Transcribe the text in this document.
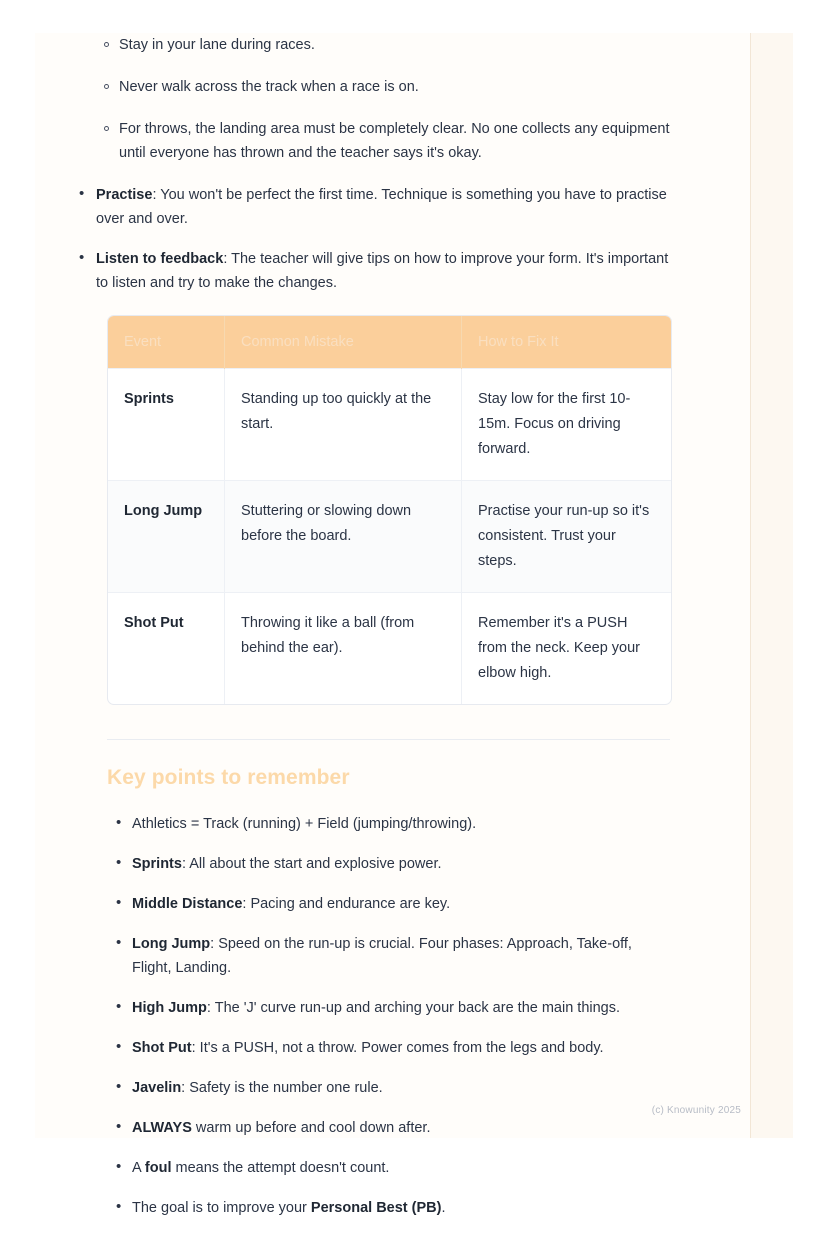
Stay in your lane during races.
Never walk across the track when a race is on.
For throws, the landing area must be completely clear. No one collects any equipment until everyone has thrown and the teacher says it's okay.
• Practise: You won't be perfect the first time. Technique is something you have to practise over and over.
• Listen to feedback: The teacher will give tips on how to improve your form. It's important to listen and try to make the changes.
Event	Common Mistake	How to Fix It
Sprints	Standing up too quickly at the start.	Stay low for the first 10-15m. Focus on driving forward.
Long Jump	Stuttering or slowing down before the board.	Practise your run-up so it's consistent. Trust your steps.
Shot Put	Throwing it like a ball (from behind the ear).	Remember it's a PUSH from the neck. Keep your elbow high.
Key points to remember
• Athletics = Track (running) + Field (jumping/throwing).
• Sprints: All about the start and explosive power.
• Middle Distance: Pacing and endurance are key.
• Long Jump: Speed on the run-up is crucial. Four phases: Approach, Take-off, Flight, Landing.
• High Jump: The 'J' curve run-up and arching your back are the main things.
• Shot Put: It's a PUSH, not a throw. Power comes from the legs and body.
• Javelin: Safety is the number one rule.
• ALWAYS warm up before and cool down after.
• A foul means the attempt doesn't count.
• The goal is to improve your Personal Best (PB).
(c) Knowunity 2025
